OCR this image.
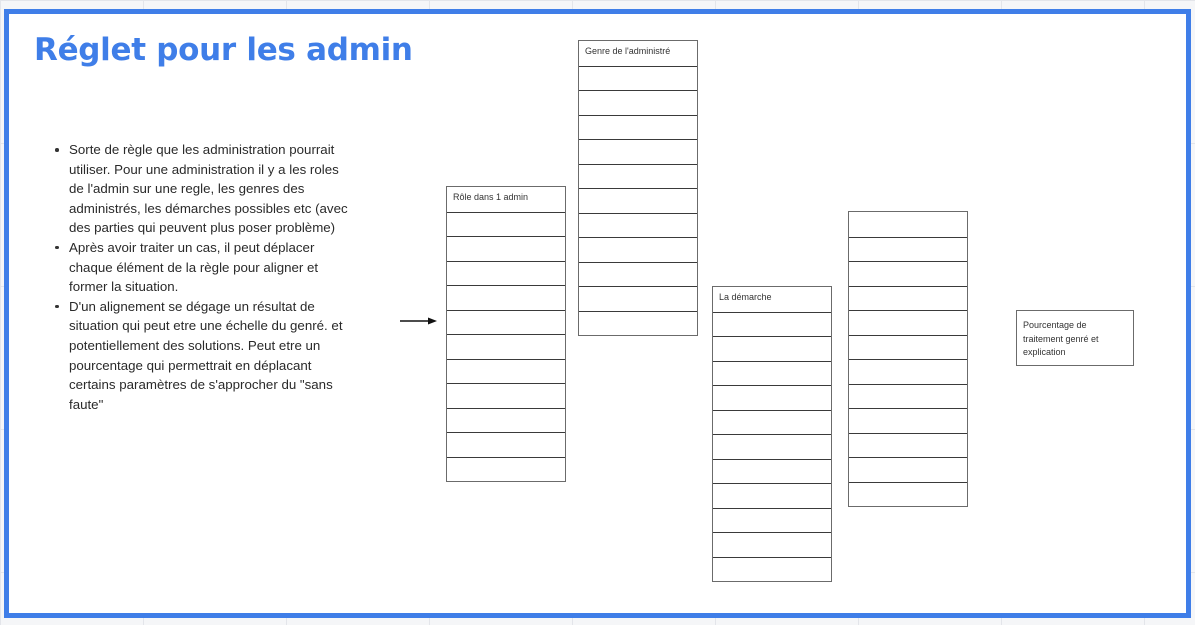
Réglet pour les admin
Sorte de règle que les administration pourrait utiliser. Pour une administration il y a les roles de l'admin sur une regle, les genres des administrés, les démarches possibles etc (avec des parties qui peuvent plus poser problème)
Après avoir traiter un cas, il peut déplacer chaque élément de la règle pour aligner et former la situation.
D'un alignement se dégage un résultat de situation qui peut etre une échelle du genré. et potentiellement des solutions. Peut etre un pourcentage qui permettrait en déplacant certains paramètres de s'approcher du "sans faute"
Rôle dans 1 admin
Genre de l'administré
La démarche
Pourcentage de traitement genré et explication
